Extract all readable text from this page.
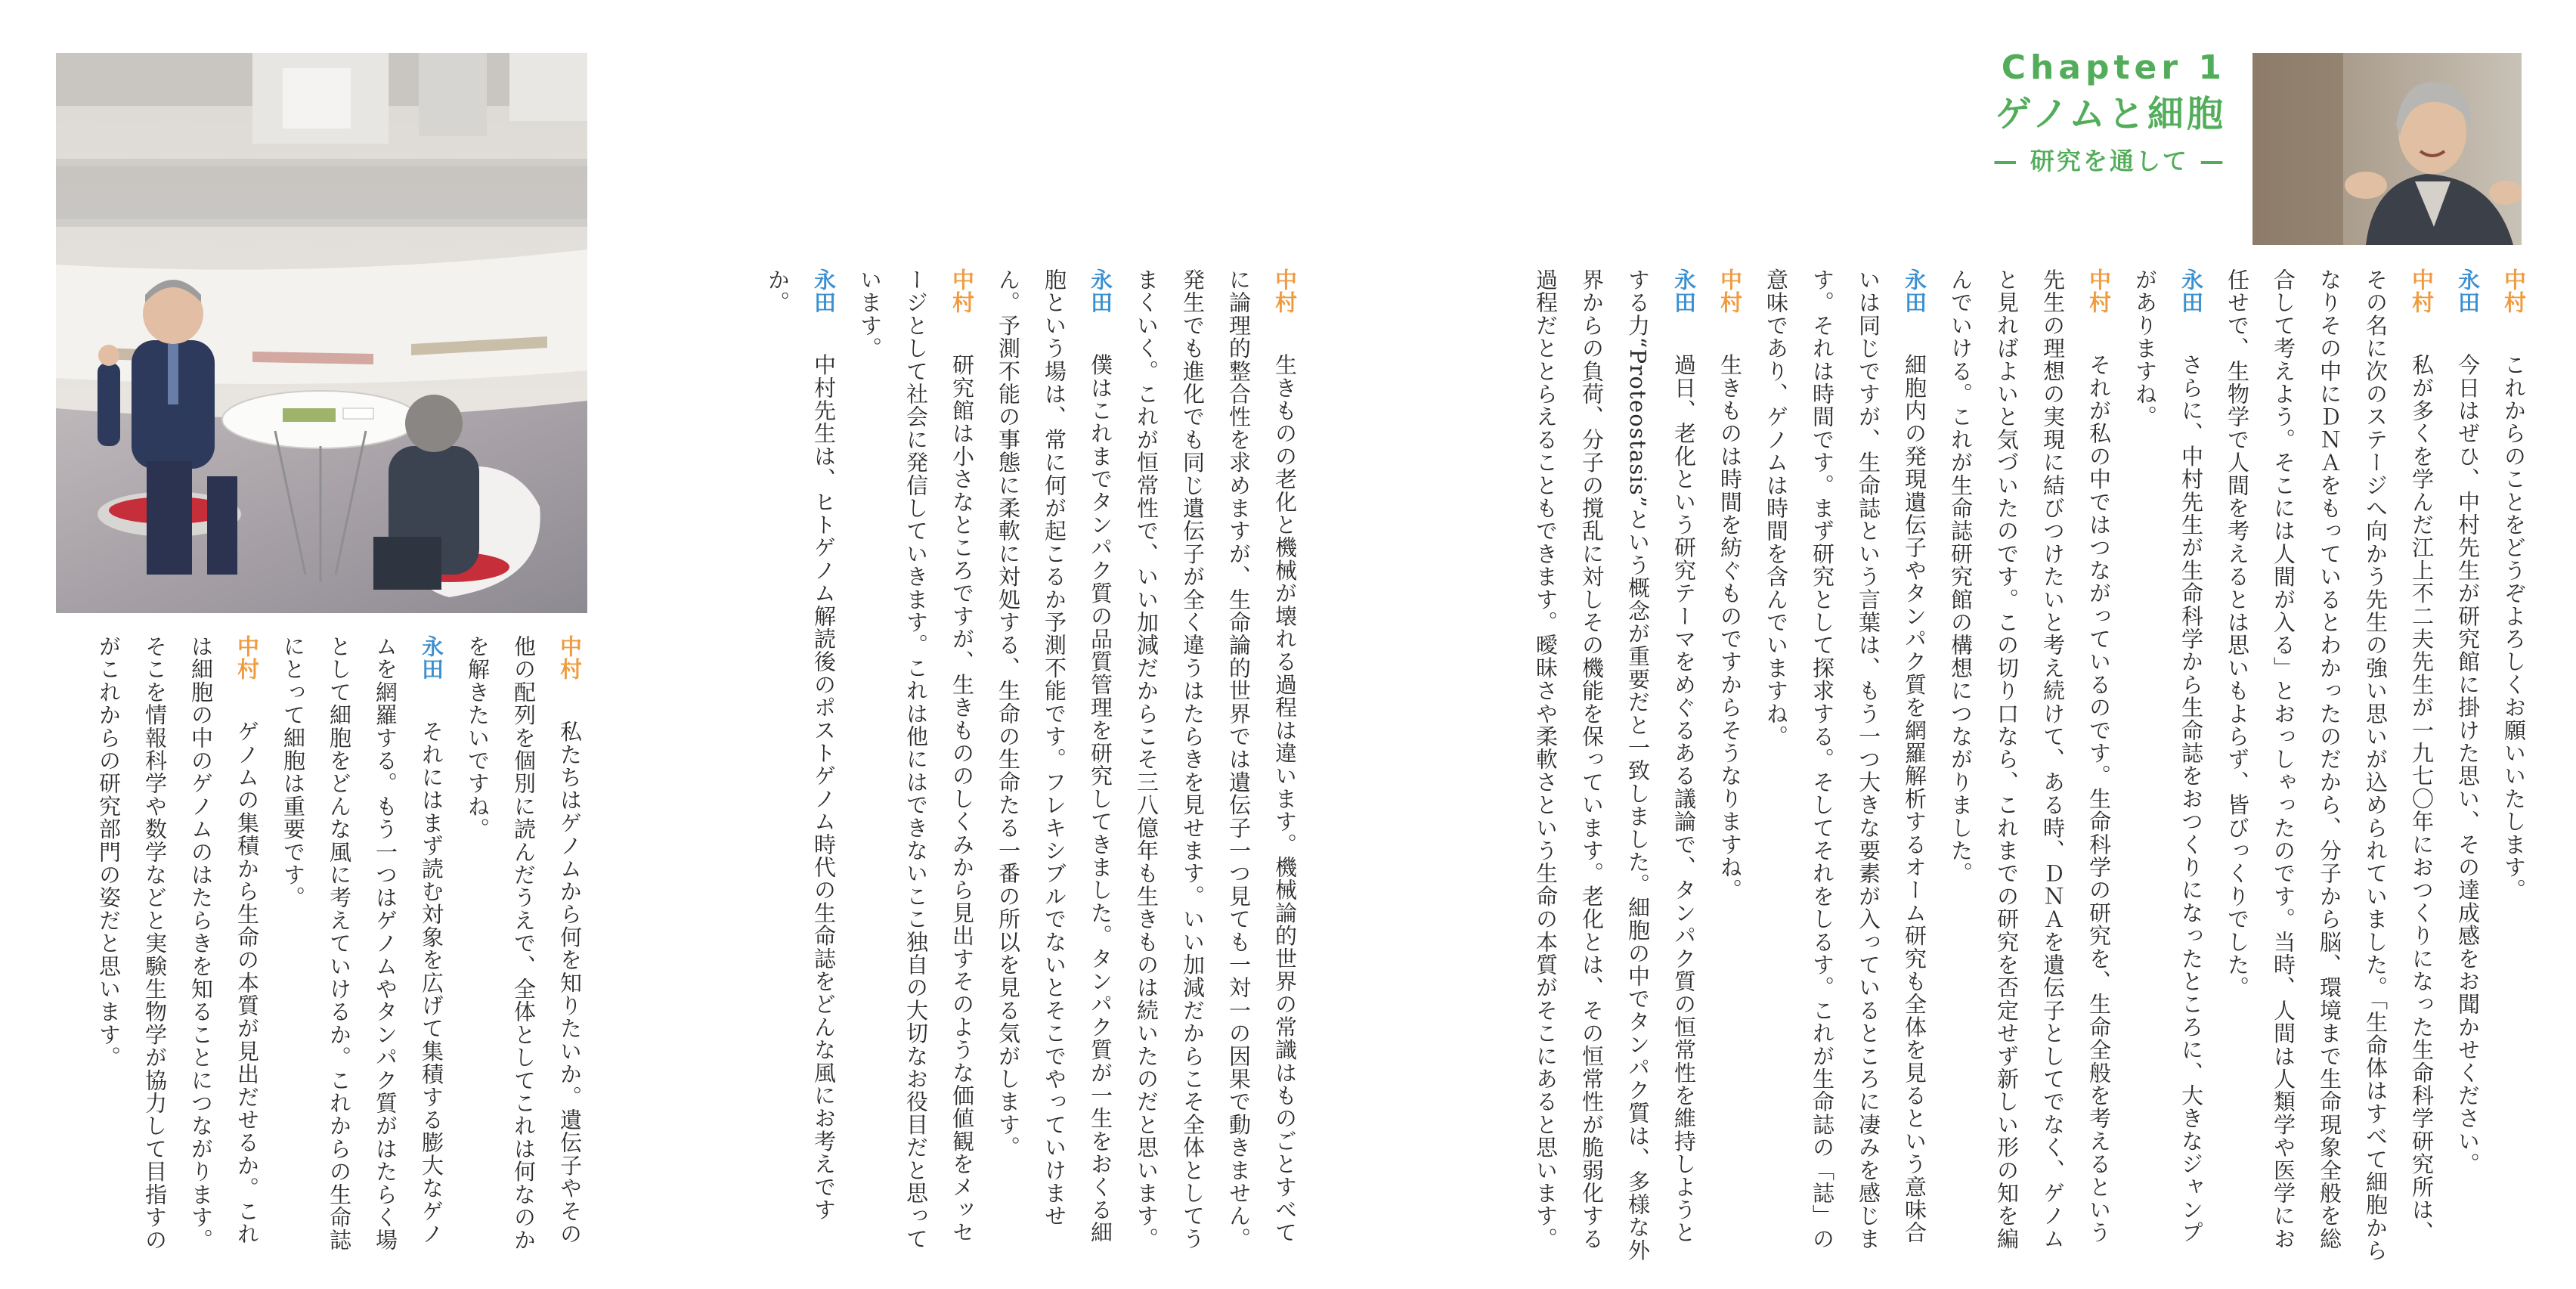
Chapter 1
ゲノムと細胞
— 研究を通して —
中村　これからのことをどうぞよろしくお願いいたします。
永田　今日はぜひ、中村先生が研究館に掛けた思い、その達成感をお聞かせください。
中村　私が多くを学んだ江上不二夫先生が一九七〇年におつくりになった生命科学研究所は、その名に次のステージへ向かう先生の強い思いが込められていました。「生命体はすべて細胞からなりその中にＤＮＡをもっているとわかったのだから、分子から脳、環境まで生命現象全般を総合して考えよう。そこには人間が入る」とおっしゃったのです。当時、人間は人類学や医学にお任せで、生物学で人間を考えるとは思いもよらず、皆びっくりでした。
永田　さらに、中村先生が生命科学から生命誌をおつくりになったところに、大きなジャンプがありますね。
中村　それが私の中ではつながっているのです。生命科学の研究を、生命全般を考えるという先生の理想の実現に結びつけたいと考え続けて、ある時、ＤＮＡを遺伝子としてでなく、ゲノムと見ればよいと気づいたのです。この切り口なら、これまでの研究を否定せず新しい形の知を編んでいける。これが生命誌研究館の構想につながりました。
永田　細胞内の発現遺伝子やタンパク質を網羅解析するオーム研究も全体を見るという意味合いは同じですが、生命誌という言葉は、もう一つ大きな要素が入っているところに凄みを感じます。それは時間です。まず研究として探求する。そしてそれをしるす。これが生命誌の「誌」の意味であり、ゲノムは時間を含んでいますね。
中村　生きものは時間を紡ぐものですからそうなりますね。
永田　過日、老化という研究テーマをめぐるある議論で、タンパク質の恒常性を維持しようとする力“Proteostasis”という概念が重要だと一致しました。細胞の中でタンパク質は、多様な外界からの負荷、分子の撹乱に対しその機能を保っています。老化とは、その恒常性が脆弱化する過程だととらえることもできます。曖昧さや柔軟さという生命の本質がそこにあると思います。
中村　生きものの老化と機械が壊れる過程は違います。機械論的世界の常識はものごとすべてに論理的整合性を求めますが、生命論的世界では遺伝子一つ見ても一対一の因果で動きません。発生でも進化でも同じ遺伝子が全く違うはたらきを見せます。いい加減だからこそ全体としてうまくいく。これが恒常性で、いい加減だからこそ三八億年も生きものは続いたのだと思います。
永田　僕はこれまでタンパク質の品質管理を研究してきました。タンパク質が一生をおくる細胞という場は、常に何が起こるか予測不能です。フレキシブルでないとそこでやっていけません。予測不能の事態に柔軟に対処する、生命の生命たる一番の所以を見る気がします。
中村　研究館は小さなところですが、生きもののしくみから見出すそのような価値観をメッセージとして社会に発信していきます。これは他にはできないここ独自の大切なお役目だと思っています。
永田　中村先生は、ヒトゲノム解読後のポストゲノム時代の生命誌をどんな風にお考えですか。
中村　私たちはゲノムから何を知りたいか。遺伝子やその他の配列を個別に読んだうえで、全体としてこれは何なのかを解きたいですね。
永田　それにはまず読む対象を広げて集積する膨大なゲノムを網羅する。もう一つはゲノムやタンパク質がはたらく場として細胞をどんな風に考えていけるか。これからの生命誌にとって細胞は重要です。
中村　ゲノムの集積から生命の本質が見出だせるか。これは細胞の中のゲノムのはたらきを知ることにつながります。そこを情報科学や数学などと実験生物学が協力して目指すのがこれからの研究部門の姿だと思います。
